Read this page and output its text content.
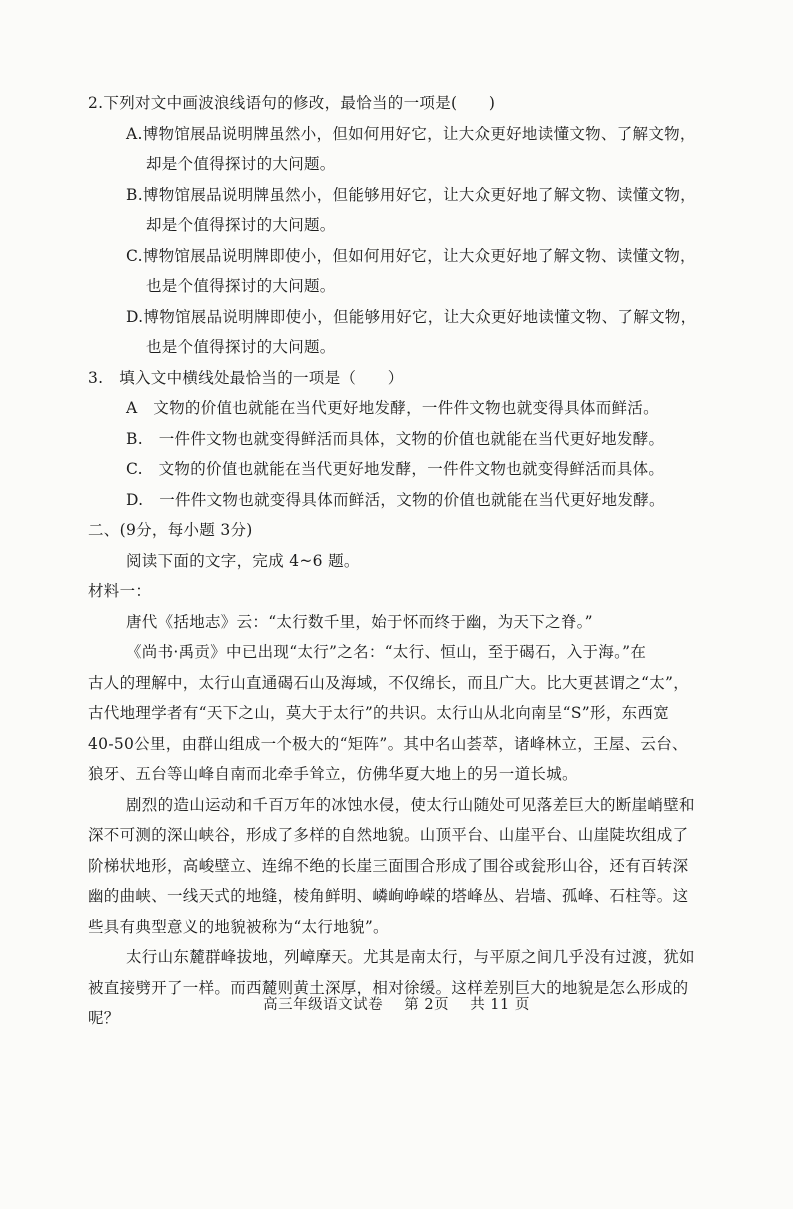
2.下列对文中画波浪线语句的修改，最恰当的一项是(　　)
A.博物馆展品说明牌虽然小，但如何用好它，让大众更好地读懂文物、了解文物，
却是个值得探讨的大问题。
B.博物馆展品说明牌虽然小，但能够用好它，让大众更好地了解文物、读懂文物，
却是个值得探讨的大问题。
C.博物馆展品说明牌即使小，但如何用好它，让大众更好地了解文物、读懂文物，
也是个值得探讨的大问题。
D.博物馆展品说明牌即使小，但能够用好它，让大众更好地读懂文物、了解文物，
也是个值得探讨的大问题。
3.　填入文中横线处最恰当的一项是（　　）
A　文物的价值也就能在当代更好地发酵，一件件文物也就变得具体而鲜活。
B.　一件件文物也就变得鲜活而具体，文物的价值也就能在当代更好地发酵。
C.　文物的价值也就能在当代更好地发酵，一件件文物也就变得鲜活而具体。
D.　一件件文物也就变得具体而鲜活，文物的价值也就能在当代更好地发酵。
二、(9分，每小题 3分)
阅读下面的文字，完成 4~6 题。
材料一：
唐代《括地志》云：“太行数千里，始于怀而终于幽，为天下之脊。”
《尚书·禹贡》中已出现“太行”之名：“太行、恒山，至于碣石，入于海。”在
古人的理解中，太行山直通碣石山及海域，不仅绵长，而且广大。比大更甚谓之“太”，
古代地理学者有“天下之山，莫大于太行”的共识。太行山从北向南呈“S”形，东西宽
40-50公里，由群山组成一个极大的“矩阵”。其中名山荟萃，诸峰林立，王屋、云台、
狼牙、五台等山峰自南而北牵手耸立，仿佛华夏大地上的另一道长城。
剧烈的造山运动和千百万年的冰蚀水侵，使太行山随处可见落差巨大的断崖峭壁和
深不可测的深山峡谷，形成了多样的自然地貌。山顶平台、山崖平台、山崖陡坎组成了
阶梯状地形，高峻壁立、连绵不绝的长崖三面围合形成了围谷或瓮形山谷，还有百转深
幽的曲峡、一线天式的地缝，棱角鲜明、嶙峋峥嵘的塔峰丛、岩墙、孤峰、石柱等。这
些具有典型意义的地貌被称为“太行地貌”。
太行山东麓群峰拔地，列嶂摩天。尤其是南太行，与平原之间几乎没有过渡，犹如
被直接劈开了一样。而西麓则黄土深厚，相对徐缓。这样差别巨大的地貌是怎么形成的
呢？
高三年级语文试卷 第 2页 共 11 页
